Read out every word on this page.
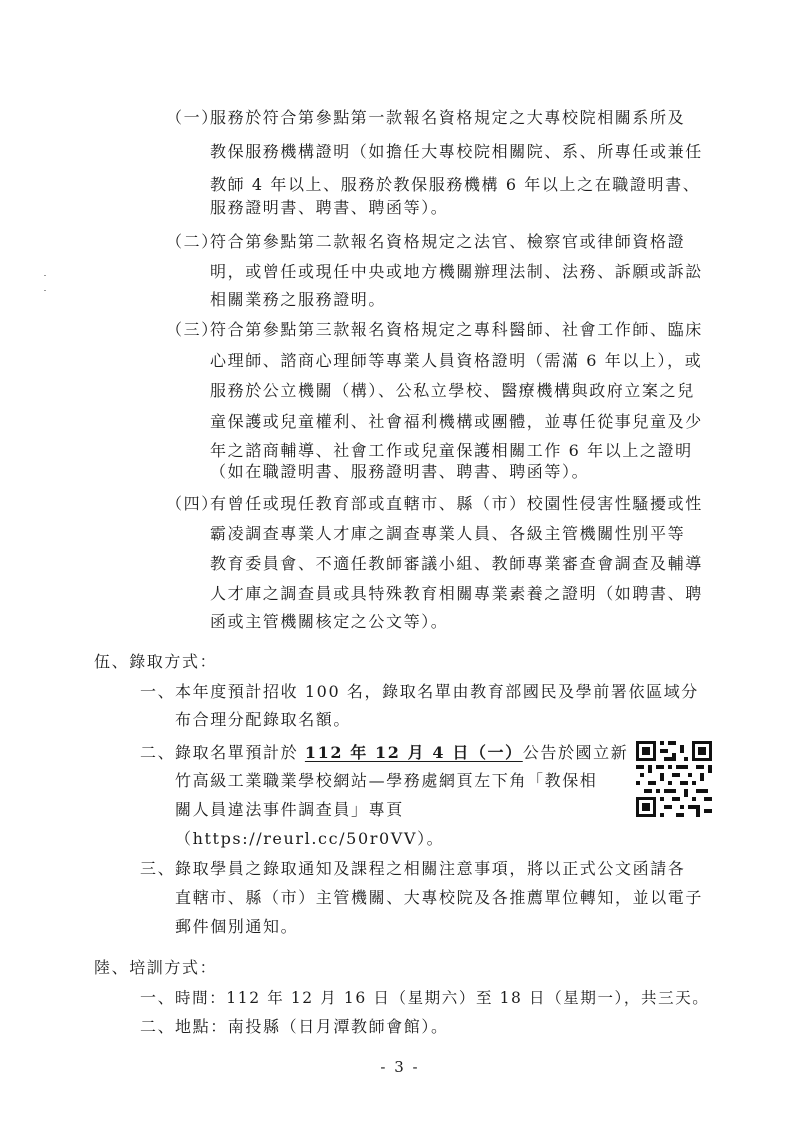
（一）
服務於符合第參點第一款報名資格規定之大專校院相關系所及
教保服務機構證明（如擔任大專校院相關院、系、所專任或兼任
教師 4 年以上、服務於教保服務機構 6 年以上之在職證明書、
服務證明書、聘書、聘函等）。
（二）
符合第參點第二款報名資格規定之法官、檢察官或律師資格證
明，或曾任或現任中央或地方機關辦理法制、法務、訴願或訴訟
相關業務之服務證明。
（三）
符合第參點第三款報名資格規定之專科醫師、社會工作師、臨床
心理師、諮商心理師等專業人員資格證明（需滿 6 年以上），或
服務於公立機關（構）、公私立學校、醫療機構與政府立案之兒
童保護或兒童權利、社會福利機構或團體，並專任從事兒童及少
年之諮商輔導、社會工作或兒童保護相關工作 6 年以上之證明
（如在職證明書、服務證明書、聘書、聘函等）。
（四）
有曾任或現任教育部或直轄市、縣（市）校園性侵害性騷擾或性
霸凌調查專業人才庫之調查專業人員、各級主管機關性別平等
教育委員會、不適任教師審議小組、教師專業審查會調查及輔導
人才庫之調查員或具特殊教育相關專業素養之證明（如聘書、聘
函或主管機關核定之公文等）。
伍、錄取方式：
一、 本年度預計招收 100 名，錄取名單由教育部國民及學前署依區域分
布合理分配錄取名額。
二、 錄取名單預計於 112 年 12 月 4 日（一）公告於國立新
竹高級工業職業學校網站—學務處網頁左下角「教保相
關人員違法事件調查員」專頁
（https://reurl.cc/50r0VV）。
三、 錄取學員之錄取通知及課程之相關注意事項，將以正式公文函請各
直轄市、縣（市）主管機關、大專校院及各推薦單位轉知，並以電子
郵件個別通知。
陸、培訓方式：
一、 時間：112 年 12 月 16 日（星期六）至 18 日（星期一），共三天。
二、 地點：南投縣（日月潭教師會館）。
- 3 -
